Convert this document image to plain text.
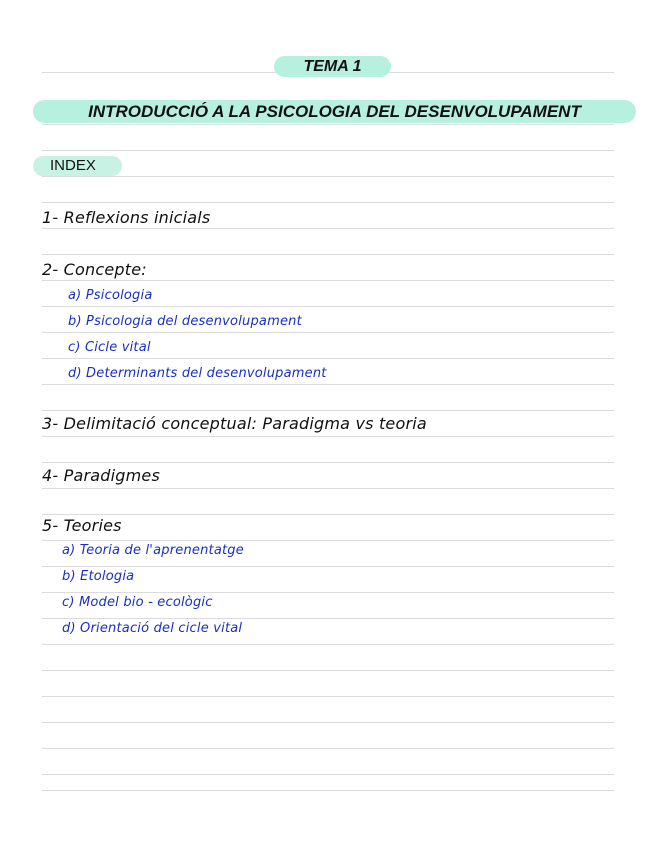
TEMA 1
INTRODUCCIÓ A LA PSICOLOGIA DEL DESENVOLUPAMENT
INDEX
1- Reflexions inicials
2- Concepte:
a) Psicologia
b) Psicologia del desenvolupament
c) Cicle vital
d) Determinants del desenvolupament
3- Delimitació conceptual: Paradigma vs teoria
4- Paradigmes
5- Teories
a) Teoria de l'aprenentatge
b) Etologia
c) Model bio - ecològic
d) Orientació del cicle vital
